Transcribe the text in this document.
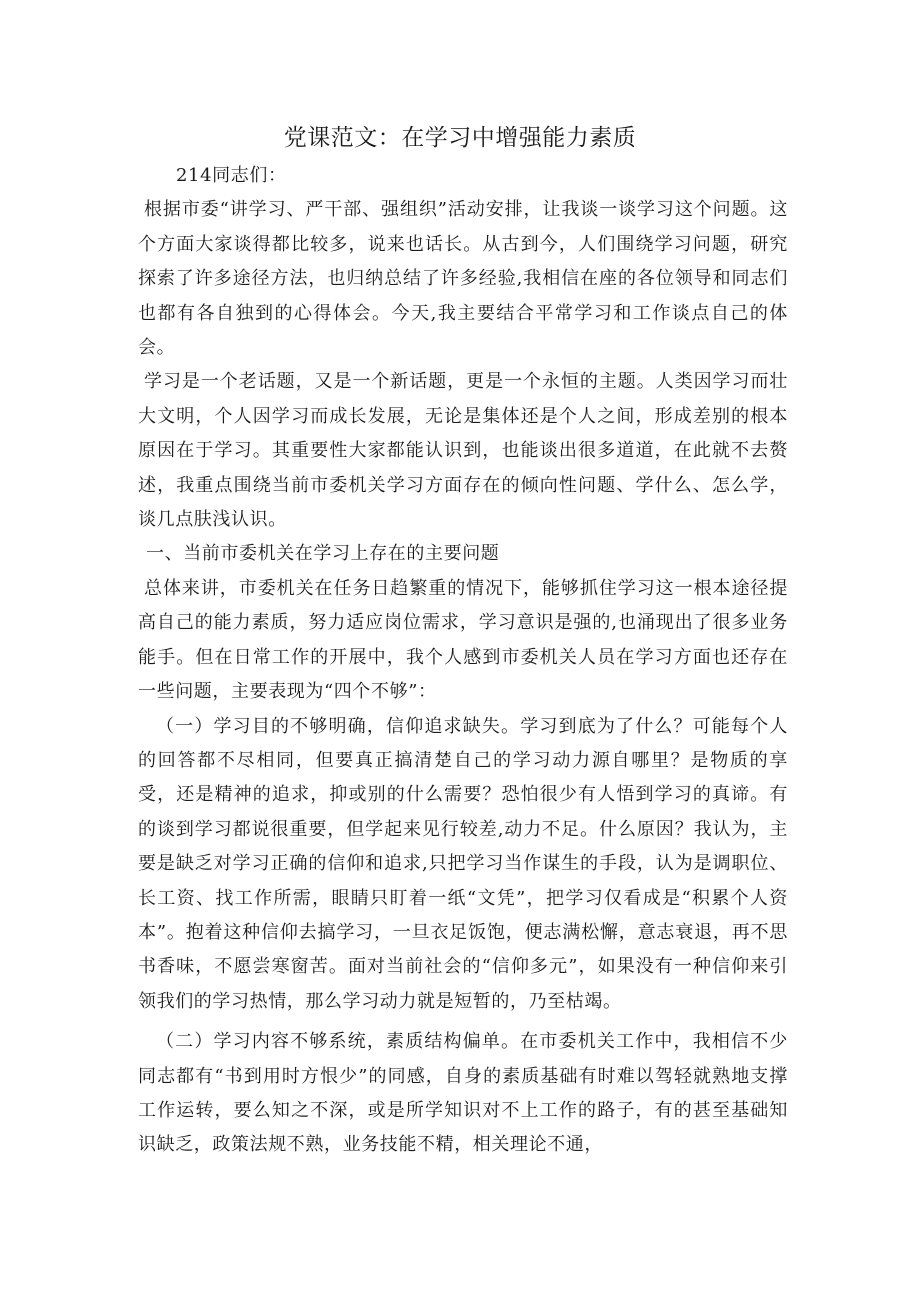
党课范文：在学习中增强能力素质

214同志们：

根据市委“讲学习、严干部、强组织”活动安排，让我谈一谈学习这个问题。这个方面大家谈得都比较多，说来也话长。从古到今，人们围绕学习问题，研究探索了许多途径方法，也归纳总结了许多经验,我相信在座的各位领导和同志们也都有各自独到的心得体会。今天,我主要结合平常学习和工作谈点自己的体会。

学习是一个老话题，又是一个新话题，更是一个永恒的主题。人类因学习而壮大文明，个人因学习而成长发展，无论是集体还是个人之间，形成差别的根本原因在于学习。其重要性大家都能认识到，也能谈出很多道道，在此就不去赘述，我重点围绕当前市委机关学习方面存在的倾向性问题、学什么、怎么学，谈几点肤浅认识。

一、当前市委机关在学习上存在的主要问题

总体来讲，市委机关在任务日趋繁重的情况下，能够抓住学习这一根本途径提高自己的能力素质，努力适应岗位需求，学习意识是强的,也涌现出了很多业务能手。但在日常工作的开展中，我个人感到市委机关人员在学习方面也还存在一些问题，主要表现为“四个不够”：

（一）学习目的不够明确，信仰追求缺失。学习到底为了什么？可能每个人的回答都不尽相同，但要真正搞清楚自己的学习动力源自哪里？是物质的享受，还是精神的追求，抑或别的什么需要？恐怕很少有人悟到学习的真谛。有的谈到学习都说很重要，但学起来见行较差,动力不足。什么原因？我认为，主要是缺乏对学习正确的信仰和追求,只把学习当作谋生的手段，认为是调职位、长工资、找工作所需，眼睛只盯着一纸“文凭”，把学习仅看成是“积累个人资本”。抱着这种信仰去搞学习，一旦衣足饭饱，便志满松懈，意志衰退，再不思书香味，不愿尝寒窗苦。面对当前社会的“信仰多元”，如果没有一种信仰来引领我们的学习热情，那么学习动力就是短暂的，乃至枯竭。

（二）学习内容不够系统，素质结构偏单。在市委机关工作中，我相信不少同志都有“书到用时方恨少”的同感，自身的素质基础有时难以驾轻就熟地支撑工作运转，要么知之不深，或是所学知识对不上工作的路子，有的甚至基础知识缺乏，政策法规不熟，业务技能不精，相关理论不通，
